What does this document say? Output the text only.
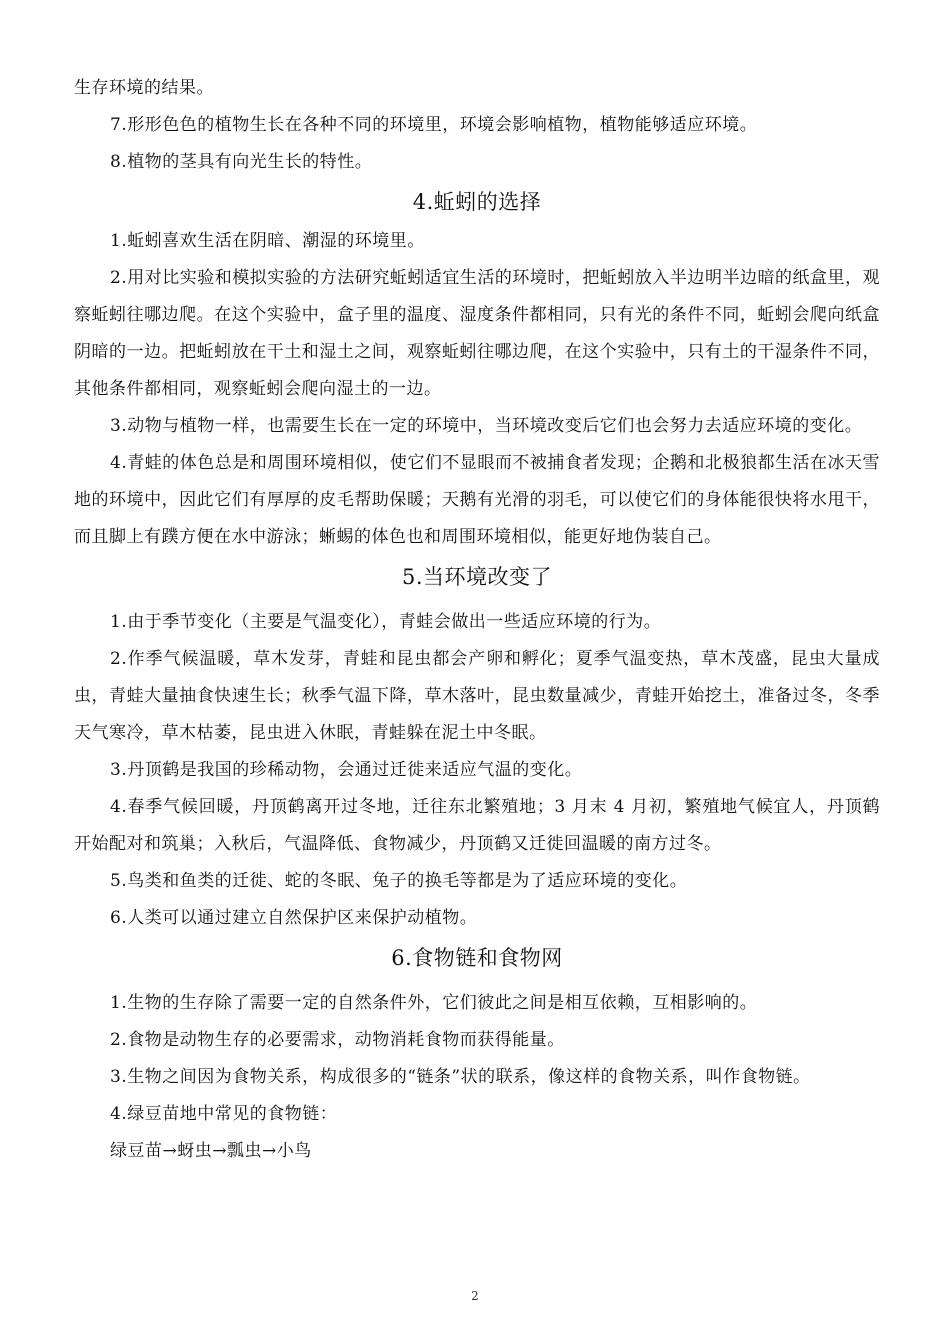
生存环境的结果。

7.形形色色的植物生长在各种不同的环境里，环境会影响植物，植物能够适应环境。

8.植物的茎具有向光生长的特性。

4.蚯蚓的选择

1.蚯蚓喜欢生活在阴暗、潮湿的环境里。

2.用对比实验和模拟实验的方法研究蚯蚓适宜生活的环境时，把蚯蚓放入半边明半边暗的纸盒里，观察蚯蚓往哪边爬。在这个实验中，盒子里的温度、湿度条件都相同，只有光的条件不同，蚯蚓会爬向纸盒阴暗的一边。把蚯蚓放在干土和湿土之间，观察蚯蚓往哪边爬，在这个实验中，只有土的干湿条件不同，其他条件都相同，观察蚯蚓会爬向湿土的一边。

3.动物与植物一样，也需要生长在一定的环境中，当环境改变后它们也会努力去适应环境的变化。

4.青蛙的体色总是和周围环境相似，使它们不显眼而不被捕食者发现；企鹅和北极狼都生活在冰天雪地的环境中，因此它们有厚厚的皮毛帮助保暖；天鹅有光滑的羽毛，可以使它们的身体能很快将水甩干，而且脚上有蹼方便在水中游泳；蜥蜴的体色也和周围环境相似，能更好地伪装自己。

5.当环境改变了

1.由于季节变化（主要是气温变化），青蛙会做出一些适应环境的行为。

2.作季气候温暖，草木发芽，青蛙和昆虫都会产卵和孵化；夏季气温变热，草木茂盛，昆虫大量成虫，青蛙大量抽食快速生长；秋季气温下降，草木落叶，昆虫数量减少，青蛙开始挖土，准备过冬，冬季天气寒冷，草木枯萎，昆虫进入休眠，青蛙躲在泥土中冬眠。

3.丹顶鹤是我国的珍稀动物，会通过迁徙来适应气温的变化。

4.春季气候回暖，丹顶鹤离开过冬地，迁往东北繁殖地；3 月末 4 月初，繁殖地气候宜人，丹顶鹤开始配对和筑巢；入秋后，气温降低、食物减少，丹顶鹤又迁徙回温暖的南方过冬。

5.鸟类和鱼类的迁徙、蛇的冬眠、兔子的换毛等都是为了适应环境的变化。

6.人类可以通过建立自然保护区来保护动植物。

6.食物链和食物网

1.生物的生存除了需要一定的自然条件外，它们彼此之间是相互依赖，互相影响的。

2.食物是动物生存的必要需求，动物消耗食物而获得能量。

3.生物之间因为食物关系，构成很多的“链条”状的联系，像这样的食物关系，叫作食物链。

4.绿豆苗地中常见的食物链：

绿豆苗→蚜虫→瓢虫→小鸟

2
